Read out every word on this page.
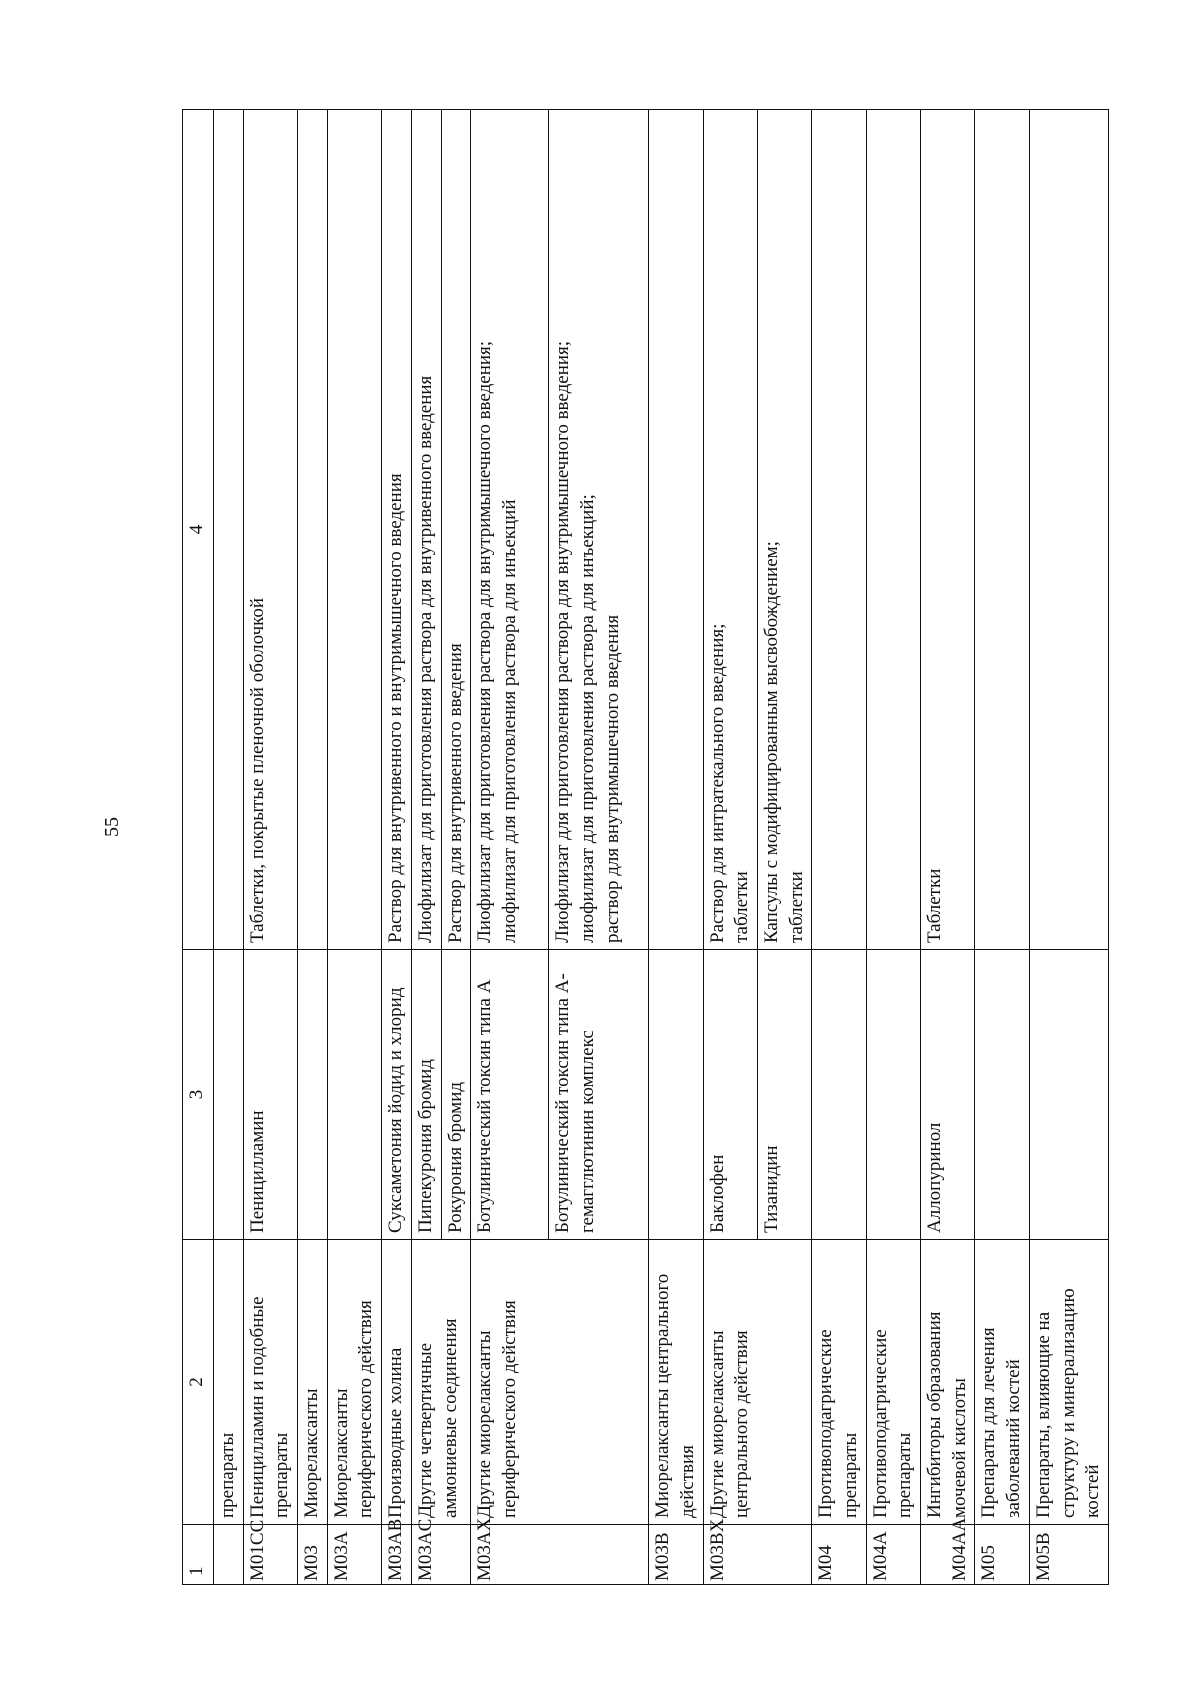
55
1	2	3	4
	препараты		
M01CC	Пеницилламин и подобные препараты	Пеницилламин	Таблетки, покрытые пленочной оболочкой
M03	Миорелаксанты		
M03A	Миорелаксанты периферического действия		
M03AB	Производные холина	Суксаметония йодид и хлорид	Раствор для внутривенного и внутримышечного введения
M03AC	Другие четвертичные аммониевые соединения	Пипекурония бромид	Лиофилизат для приготовления раствора для внутривенного введения
		Рокурония бромид	Раствор для внутривенного введения
M03AX	Другие миорелаксанты периферического действия	Ботулинический токсин типа А	Лиофилизат для приготовления раствора для внутримышечного введения; лиофилизат для приготовления раствора для инъекций

		Ботулинический токсин типа А-гемагглютинин комплекс	Лиофилизат для приготовления раствора для внутримышечного введения; лиофилизат для приготовления раствора для инъекций; раствор для внутримышечного введения

M03B	Миорелаксанты центрального действия		
M03BX	Другие миорелаксанты центрального действия	Баклофен	Раствор для интратекального введения; таблетки

		Тизанидин	Капсулы с модифицированным высвобождением; таблетки

M04	Противоподагрические препараты		
M04A	Противоподагрические препараты		
M04AA	Ингибиторы образования мочевой кислоты	Аллопуринол	Таблетки
M05	Препараты для лечения заболеваний костей		
M05B	Препараты, влияющие на структуру и минерализацию костей		
